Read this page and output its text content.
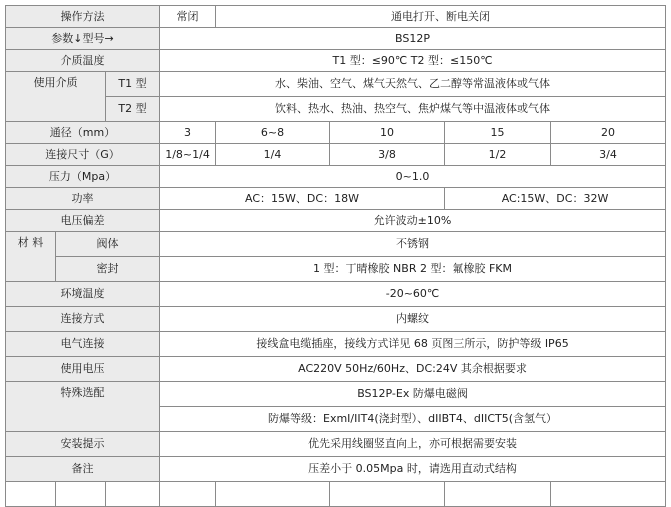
操作方法			常闭	通电打开、断电关闭				
参数↓型号→			BS12P					
介质温度			T1 型：≤90℃ T2 型：≤150℃					
使用介质		T1 型	水、柴油、空气、煤气天然气、乙二醇等常温液体或气体					
		T2 型	饮料、热水、热油、热空气、焦炉煤气等中温液体或气体					
通径（mm）			3	6~8	10	15	20	
连接尺寸（G）			1/8~1/4	1/4	3/8	1/2	3/4	
压力（Mpa）			0~1.0					
功率			AC：15W、DC：18W			AC:15W、DC：32W		
电压偏差			允许波动±10%					
材 料	阀体		不锈钢					
	密封		1 型：丁晴橡胶 NBR 2 型：氟橡胶 FKM					
环境温度			-20~60℃					
连接方式			内螺纹					
电气连接			接线盒电缆插座，接线方式详见 68 页图三所示，防护等级 IP65					
使用电压			AC220V 50Hz/60Hz、DC:24V 其余根据要求					
特殊选配			BS12P-Ex 防爆电磁阀					
			防爆等级：ExmI/IIT4(浇封型）、dIIBT4、dIICT5(含氢气）					
安装提示			优先采用线圈竖直向上，亦可根据需要安装					
备注			压差小于 0.05Mpa 时，请选用直动式结构					
